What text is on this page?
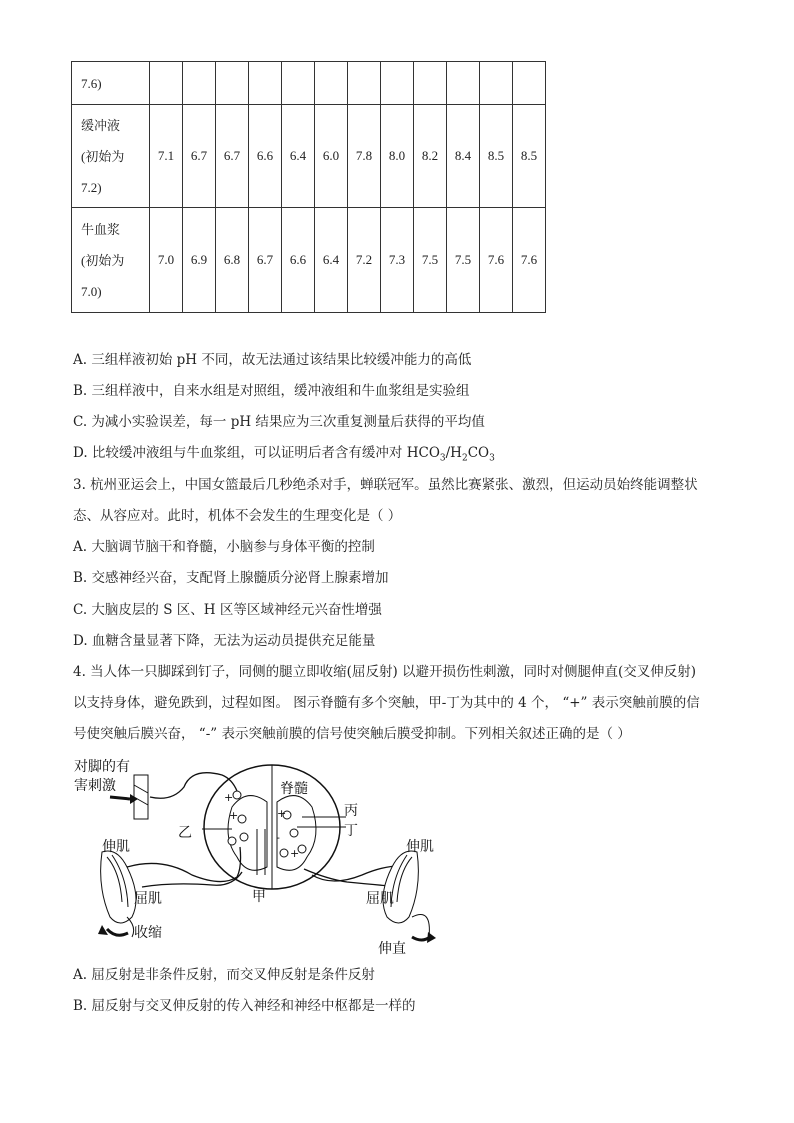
7.6)												

缓冲液
(初始为
7.2)	7.1	6.7	6.7	6.6	6.4	6.0	7.8	8.0	8.2	8.4	8.5	8.5

牛血浆
(初始为
7.0)	7.0	6.9	6.8	6.7	6.6	6.4	7.2	7.3	7.5	7.5	7.6	7.6
A. 三组样液初始 pH 不同，故无法通过该结果比较缓冲能力的高低
B. 三组样液中，自来水组是对照组，缓冲液组和牛血浆组是实验组
C. 为减小实验误差，每一 pH 结果应为三次重复测量后获得的平均值
D. 比较缓冲液组与牛血浆组，可以证明后者含有缓冲对 $HCO_3/H_2CO_3$
3. 杭州亚运会上，中国女篮最后几秒绝杀对手，蝉联冠军。虽然比赛紧张、激烈，但运动员始终能调整状
态、从容应对。此时，机体不会发生的生理变化是（ ）
A. 大脑调节脑干和脊髓，小脑参与身体平衡的控制
B. 交感神经兴奋，支配肾上腺髓质分泌肾上腺素增加
C. 大脑皮层的 S 区、H 区等区域神经元兴奋性增强
D. 血糖含量显著下降，无法为运动员提供充足能量
4. 当人体一只脚踩到钉子，同侧的腿立即收缩(屈反射) 以避开损伤性刺激，同时对侧腿伸直(交叉伸反射)
以支持身体，避免跌到，过程如图。 图示脊髓有多个突触，甲-丁为其中的 4 个， “+” 表示突触前膜的信
号使突触后膜兴奋， “-” 表示突触前膜的信号使突触后膜受抑制。下列相关叙述正确的是（ ）
+
+	+
+
-
对脚的有
害刺激	脊髓
丙
丁
乙
甲
伸肌	伸肌
屈肌	屈肌
收缩
伸直
A. 屈反射是非条件反射，而交叉伸反射是条件反射
B. 屈反射与交叉伸反射的传入神经和神经中枢都是一样的
